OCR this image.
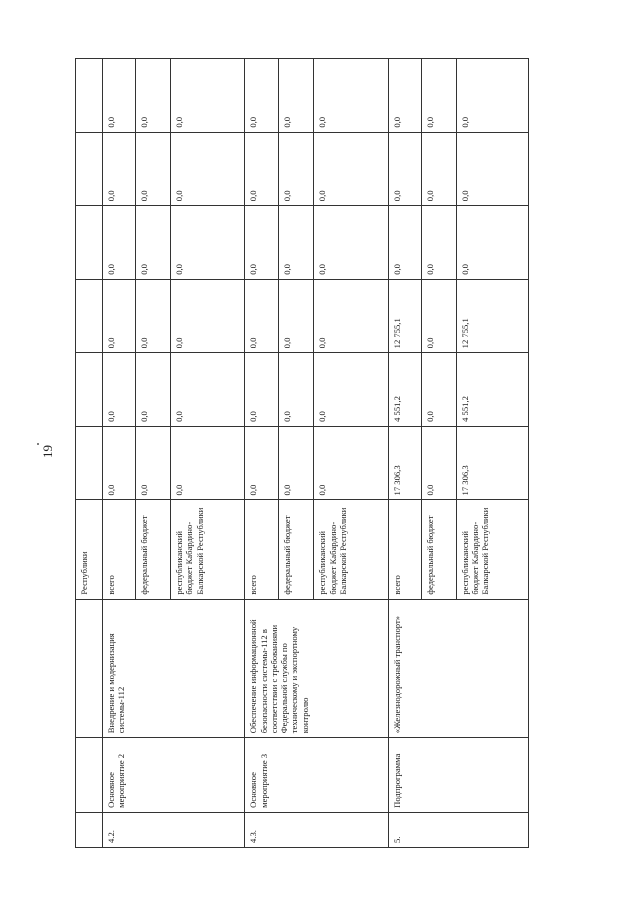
19
			Республики						
4.2.	Основное мероприятие 2	Внедрение и модернизация системы-112	всего	0,0	0,0	0,0	0,0	0,0	0,0
			федеральный бюджет	0,0	0,0	0,0	0,0	0,0	0,0
			республиканский бюджет Кабардино-Балкарской Республики	0,0	0,0	0,0	0,0	0,0	0,0
4.3.	Основное мероприятие 3	Обеспечение информационной безопасности системы-112 в соответствии с требованиями Федеральной службы по техническому и экспортному контролю	всего	0,0	0,0	0,0	0,0	0,0	0,0
			федеральный бюджет	0,0	0,0	0,0	0,0	0,0	0,0
			республиканский бюджет Кабардино-Балкарской Республики	0,0	0,0	0,0	0,0	0,0	0,0
5.	Подпрограмма	«Железнодорожный транспорт»	всего	17 306,3	4 551,2	12 755,1	0,0	0,0	0,0
			федеральный бюджет	0,0	0,0	0,0	0,0	0,0	0,0
			республиканский бюджет Кабардино-Балкарской Республики	17 306,3	4 551,2	12 755,1	0,0	0,0	0,0
